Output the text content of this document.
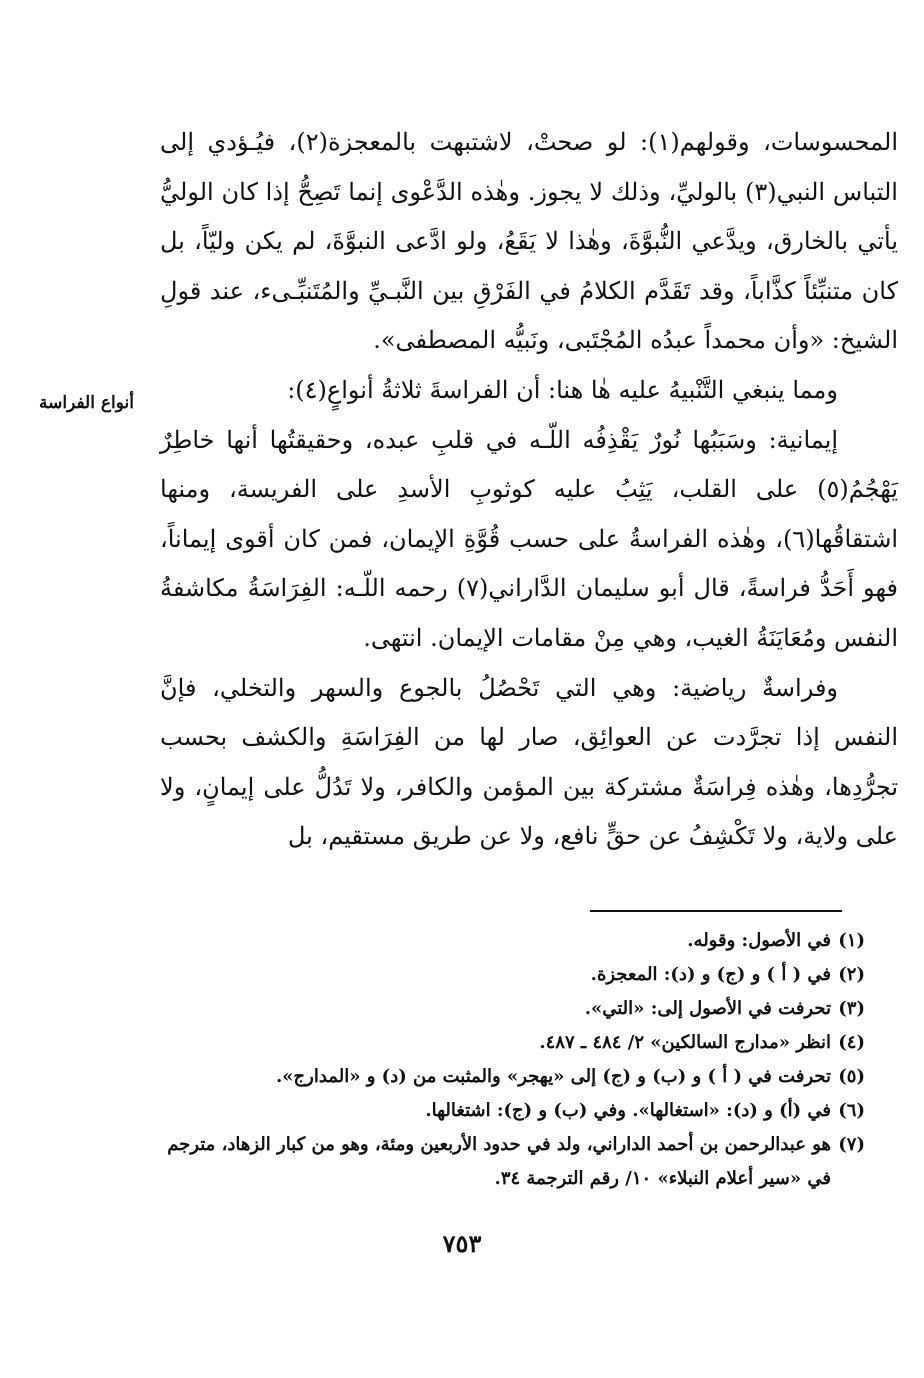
أنواع الفراسة

المحسوسات، وقولهم(١): لو صحتْ، لاشتبهت بالمعجزة(٢)، فيُـؤدي إلى التباس النبي(٣) بالوليِّ، وذلك لا يجوز. وهٰذه الدَّعْوى إنما تَصِحُّ إذا كان الوليُّ يأتي بالخارق، ويدَّعي النُّبوَّةَ، وهٰذا لا يَقَعُ، ولو ادَّعى النبوَّةَ، لم يكن وليّاً، بل كان متنبِّئاً كذَّاباً، وقد تَقَدَّم الكلامُ في الفَرْقِ بين النَّبـيِّ والمُتَنبِّـىء، عند قولِ الشيخ: «وأن محمداً عبدُه المُجْتَبى، ونَبيُّه المصطفى».

ومما ينبغي التَّنْبيهُ عليه هٰا هنا: أن الفراسةَ ثلاثةُ أنواعٍ(٤):

إيمانية: وسَبَبُها نُورٌ يَقْذِفُه اللّـه في قلبِ عبده، وحقيقتُها أنها خاطِرٌ يَهْجُمُ(٥) على القلب، يَثِبُ عليه كوثوبِ الأسدِ على الفريسة، ومنها اشتقاقُها(٦)، وهٰذه الفراسةُ على حسب قُوَّةِ الإيمان، فمن كان أقوى إيماناً، فهو أَحَدُّ فراسةً، قال أبو سليمان الدَّاراني(٧) رحمه اللّـه: الفِرَاسَةُ مكاشفةُ النفس ومُعَايَنَةُ الغيب، وهي مِنْ مقامات الإيمان. انتهى.

وفراسةٌ رياضية: وهي التي تَحْصُلُ بالجوع والسهر والتخلي، فإنَّ النفس إذا تجرَّدت عن العوائِق، صار لها من الفِرَاسَةِ والكشف بحسب تجرُّدِها، وهٰذه فِراسَةٌ مشتركة بين المؤمن والكافر، ولا تَدُلُّ على إيمانٍ، ولا على ولاية، ولا تَكْشِفُ عن حقٍّ نافع، ولا عن طريق مستقيم، بل

(١)
في الأصول: وقوله.
(٢)
في ( أ ) و (ج) و (د): المعجزة.
(٣)
تحرفت في الأصول إلى: «التي».
(٤)
انظر «مدارج السالكين» ٢/ ٤٨٤ ـ ٤٨٧.
(٥)
تحرفت في ( أ ) و (ب) و (ج) إلى «يهجر» والمثبت من (د) و «المدارج».
(٦)
في (أ) و (د): «استغالها». وفي (ب) و (ج): اشتغالها.
(٧)
هو عبدالرحمن بن أحمد الداراني، ولد في حدود الأربعين ومئة، وهو من كبار الزهاد، مترجم في «سير أعلام النبلاء» ١٠/ رقم الترجمة ٣٤.
٧٥٣
